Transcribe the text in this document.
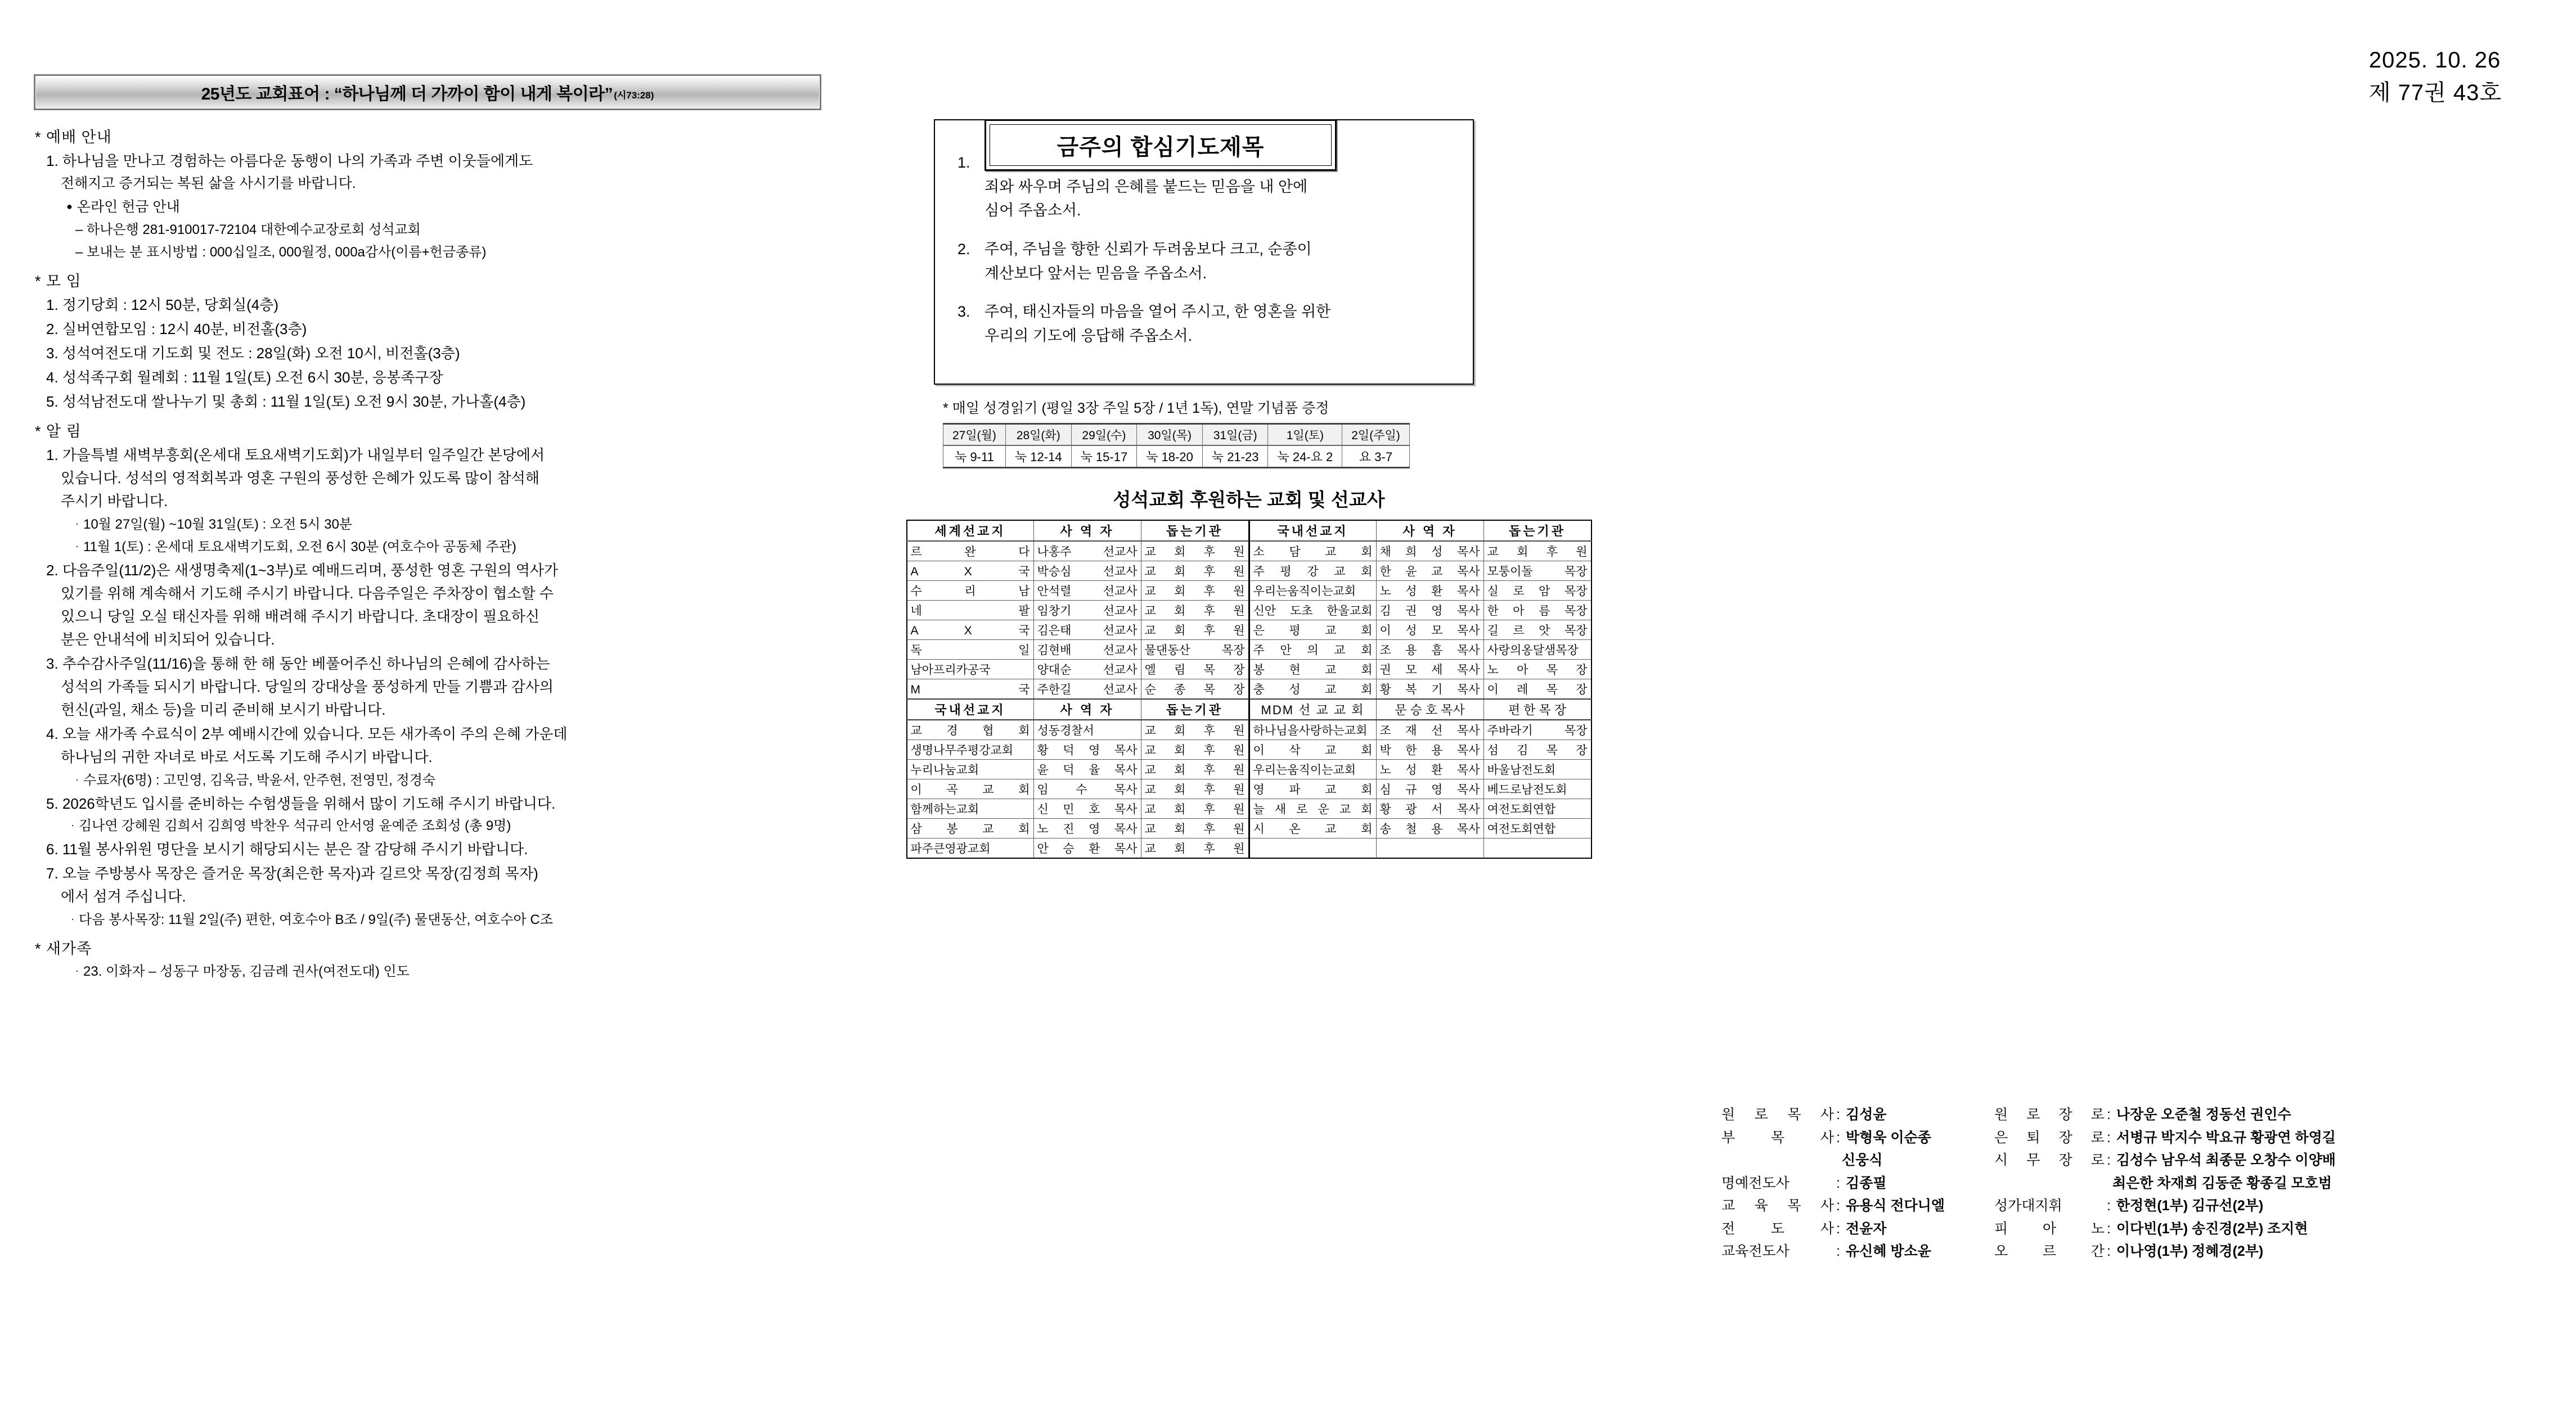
2025. 10. 26
제 77권 43호
25년도 교회표어 : “하나님께 더 가까이 함이 내게 복이라” (시73:28)
* 예배 안내
1. 하나님을 만나고 경험하는 아름다운 동행이 나의 가족과 주변 이웃들에게도
전해지고 증거되는 복된 삶을 사시기를 바랍니다.
● 온라인 헌금 안내
– 하나은행 281-910017-72104 대한예수교장로회 성석교회
– 보내는 분 표시방법 : 000십일조, 000월정, 000a감사(이름+헌금종류)
* 모 임
1. 정기당회 : 12시 50분, 당회실(4층)
2. 실버연합모임 : 12시 40분, 비전홀(3층)
3. 성석여전도대 기도회 및 전도 : 28일(화) 오전 10시, 비전홀(3층)
4. 성석족구회 월례회 : 11월 1일(토) 오전 6시 30분, 응봉족구장
5. 성석남전도대 쌀나누기 및 총회 : 11월 1일(토) 오전 9시 30분, 가나홀(4층)
* 알 림
1. 가을특별 새벽부흥회(온세대 토요새벽기도회)가 내일부터 일주일간 본당에서
있습니다. 성석의 영적회복과 영혼 구원의 풍성한 은혜가 있도록 많이 참석해
주시기 바랍니다.
· 10월 27일(월) ~10월 31일(토) : 오전 5시 30분
· 11월 1(토) : 온세대 토요새벽기도회, 오전 6시 30분 (여호수아 공동체 주관)
2. 다음주일(11/2)은 새생명축제(1~3부)로 예배드리며, 풍성한 영혼 구원의 역사가
있기를 위해 계속해서 기도해 주시기 바랍니다. 다음주일은 주차장이 협소할 수
있으니 당일 오실 태신자를 위해 배려해 주시기 바랍니다. 초대장이 필요하신
분은 안내석에 비치되어 있습니다.
3. 추수감사주일(11/16)을 통해 한 해 동안 베풀어주신 하나님의 은혜에 감사하는
성석의 가족들 되시기 바랍니다. 당일의 강대상을 풍성하게 만들 기쁨과 감사의
헌신(과일, 채소 등)을 미리 준비해 보시기 바랍니다.
4. 오늘 새가족 수료식이 2부 예배시간에 있습니다. 모든 새가족이 주의 은혜 가운데
하나님의 귀한 자녀로 바로 서도록 기도해 주시기 바랍니다.
· 수료자(6명) : 고민영, 김옥금, 박윤서, 안주현, 전영민, 정경숙
5. 2026학년도 입시를 준비하는 수험생들을 위해서 많이 기도해 주시기 바랍니다.
· 김나연 강혜원 김희서 김희영 박찬우 석규리 안서영 윤예준 조회성 (총 9명)
6. 11월 봉사위원 명단을 보시기 해당되시는 분은 잘 감당해 주시기 바랍니다.
7. 오늘 주방봉사 목장은 즐거운 목장(최은한 목자)과 길르앗 목장(김정희 목자)
에서 섬겨 주십니다.
· 다음 봉사목장: 11월 2일(주) 편한, 여호수아 B조 / 9일(주) 물댄동산, 여호수아 C조
* 새가족
· 23. 이화자 – 성동구 마장동, 김금례 권사(여전도대) 인도
금주의 합심기도제목
1.
죄와 싸우며 주님의 은혜를 붙드는 믿음을 내 안에
심어 주옵소서.
2. 주여, 주님을 향한 신뢰가 두려움보다 크고, 순종이
계산보다 앞서는 믿음을 주옵소서.
3. 주여, 태신자들의 마음을 열어 주시고, 한 영혼을 위한
우리의 기도에 응답해 주옵소서.
* 매일 성경읽기 (평일 3장 주일 5장 / 1년 1독), 연말 기념품 증정
27일(월)	28일(화)	29일(수)	30일(목)	31일(금)	1일(토)	2일(주일)
눅 9-11	눅 12-14	눅 15-17	눅 18-20	눅 21-23	눅 24-요 2	요 3-7
성석교회 후원하는 교회 및 선교사
세계선교지	사 역 자	돕는기관	국내선교지	사 역 자	돕는기관
르 완 다	나홍주 선교사	교 회 후 원	소 담 교 회	채 희 성 목사	교 회 후 원
A X 국	박승심 선교사	교 회 후 원	주 평 강 교 회	한 윤 교 목사	모퉁이돌 목장
수 리 남	안석렬 선교사	교 회 후 원	우리는움직이는교회	노 성 환 목사	실 로 암 목장
네 팔	임창기 선교사	교 회 후 원	신안 도초 한울교회	김 권 영 목사	한 아 름 목장
A X 국	김은태 선교사	교 회 후 원	은 평 교 회	이 성 모 목사	길 르 앗 목장
독 일	김현배 선교사	물댄동산 목장	주 안 의 교 회	조 용 흠 목사	사랑의옹달샘목장
남아프리카공국	양대순 선교사	엘 림 목 장	봉 현 교 회	권 모 세 목사	노 아 목 장
M 국	주한길 선교사	순 종 목 장	충 성 교 회	황 복 기 목사	이 레 목 장
국내선교지	사 역 자	돕는기관	MDM 선 교 교 회	문 승 호 목사	편 한 목 장
교 경 협 회	성동경찰서	교 회 후 원	하나님을사랑하는교회	조 재 선 목사	주바라기 목장
생명나무주평강교회	황 덕 영 목사	교 회 후 원	이 삭 교 회	박 한 용 목사	섬 김 목 장
누리나눔교회	윤 덕 율 목사	교 회 후 원	우리는움직이는교회	노 성 환 목사	바울남전도회
이 곡 교 회	임 수 목사	교 회 후 원	영 파 교 회	심 규 영 목사	베드로남전도회
함께하는교회	신 민 호 목사	교 회 후 원	늘 새 로 운 교 회	황 광 서 목사	여전도회연합
삼 봉 교 회	노 진 영 목사	교 회 후 원	시 온 교 회	송 철 용 목사	여전도회연합
파주큰영광교회	안 승 환 목사	교 회 후 원			
원 로 목 사 : 김성윤
부 목 사 : 박형욱 이순종
신웅식
명예전도사	: 김종필
교 육 목 사 : 유용식 전다니엘
전 도 사 : 전윤자
교육전도사	: 유신혜 방소윤
원 로 장 로 : 나장운 오준철 정동선 권인수
은 퇴 장 로 : 서병규 박지수 박요규 황광연 하영길
시 무 장 로 : 김성수 남우석 최종문 오창수 이양배
최은한 차재희 김동준 황종길 모호범
성가대지휘	: 한정현(1부) 김규선(2부)
피 아 노 : 이다빈(1부) 송진경(2부) 조지현
오 르 간 : 이나영(1부) 정혜경(2부)
